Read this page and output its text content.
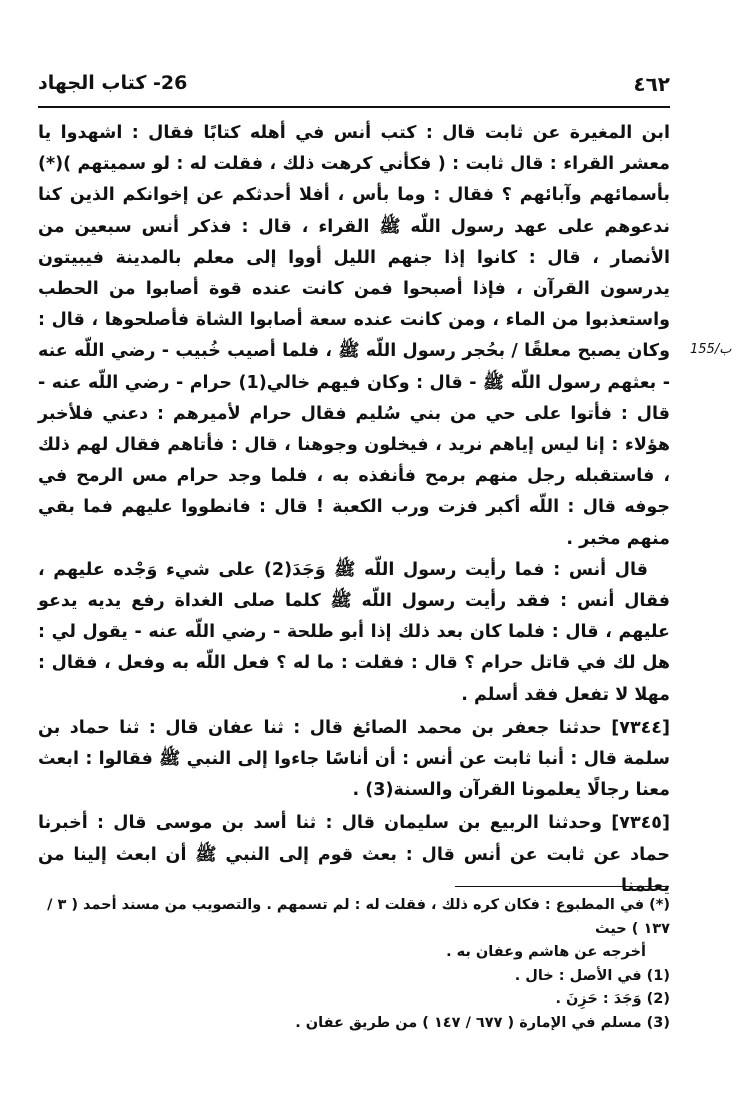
٤٦٢
26- كتاب الجهاد
155/ب

ابن المغيرة عن ثابت قال : كتب أنس في أهله كتابًا فقال : اشهدوا يا معشر القراء : قال ثابت : ( فكأني كرهت ذلك ، فقلت له : لو سميتهم )(*) بأسمائهم وآبائهم ؟ فقال : وما بأس ، أفلا أحدثكم عن إخوانكم الذين كنا ندعوهم على عهد رسول اللّه ﷺ القراء ، قال : فذكر أنس سبعين من الأنصار ، قال : كانوا إذا جنهم الليل أووا إلى معلم بالمدينة فيبيتون يدرسون القرآن ، فإذا أصبحوا فمن كانت عنده قوة أصابوا من الحطب واستعذبوا من الماء ، ومن كانت عنده سعة أصابوا الشاة فأصلحوها ، قال : وكان يصبح معلقًا / بحُجر رسول اللّه ﷺ ، فلما أصيب خُبيب - رضي اللّه عنه - بعثهم رسول اللّه ﷺ - قال : وكان فيهم خالي(1) حرام - رضي اللّه عنه - قال : فأتوا على حي من بني سُليم فقال حرام لأميرهم : دعني فلأخبر هؤلاء : إنا ليس إياهم نريد ، فيخلون وجوهنا ، قال : فأتاهم فقال لهم ذلك ، فاستقبله رجل منهم برمح فأنفذه به ، فلما وجد حرام مس الرمح في جوفه قال : اللّه أكبر فزت ورب الكعبة ! قال : فانطووا عليهم فما بقي منهم مخبر .

قال أنس : فما رأيت رسول اللّه ﷺ وَجَدَ(2) على شيء وَجْده عليهم ، فقال أنس : فقد رأيت رسول اللّه ﷺ كلما صلى الغداة رفع يديه يدعو عليهم ، قال : فلما كان بعد ذلك إذا أبو طلحة - رضي اللّه عنه - يقول لي : هل لك في قاتل حرام ؟ قال : فقلت : ما له ؟ فعل اللّه به وفعل ، فقال : مهلا لا تفعل فقد أسلم .

[٧٣٤٤] حدثنا جعفر بن محمد الصائغ قال : ثنا عفان قال : ثنا حماد بن سلمة قال : أنبا ثابت عن أنس : أن أناسًا جاءوا إلى النبي ﷺ فقالوا : ابعث معنا رجالًا يعلمونا القرآن والسنة(3) .

[٧٣٤٥] وحدثنا الربيع بن سليمان قال : ثنا أسد بن موسى قال : أخبرنا حماد عن ثابت عن أنس قال : بعث قوم إلى النبي ﷺ أن ابعث إلينا من يعلمنا

(*) في المطبوع : فكان كره ذلك ، فقلت له : لم تسمهم . والتصويب من مسند أحمد ( ٣ / ١٣٧ ) حيث

أخرجه عن هاشم وعفان به .

(1) في الأصل : خال .

(2) وَجَدَ : حَزِنَ .

(3) مسلم في الإمارة ( ٦٧٧ / ١٤٧ ) من طريق عفان .
